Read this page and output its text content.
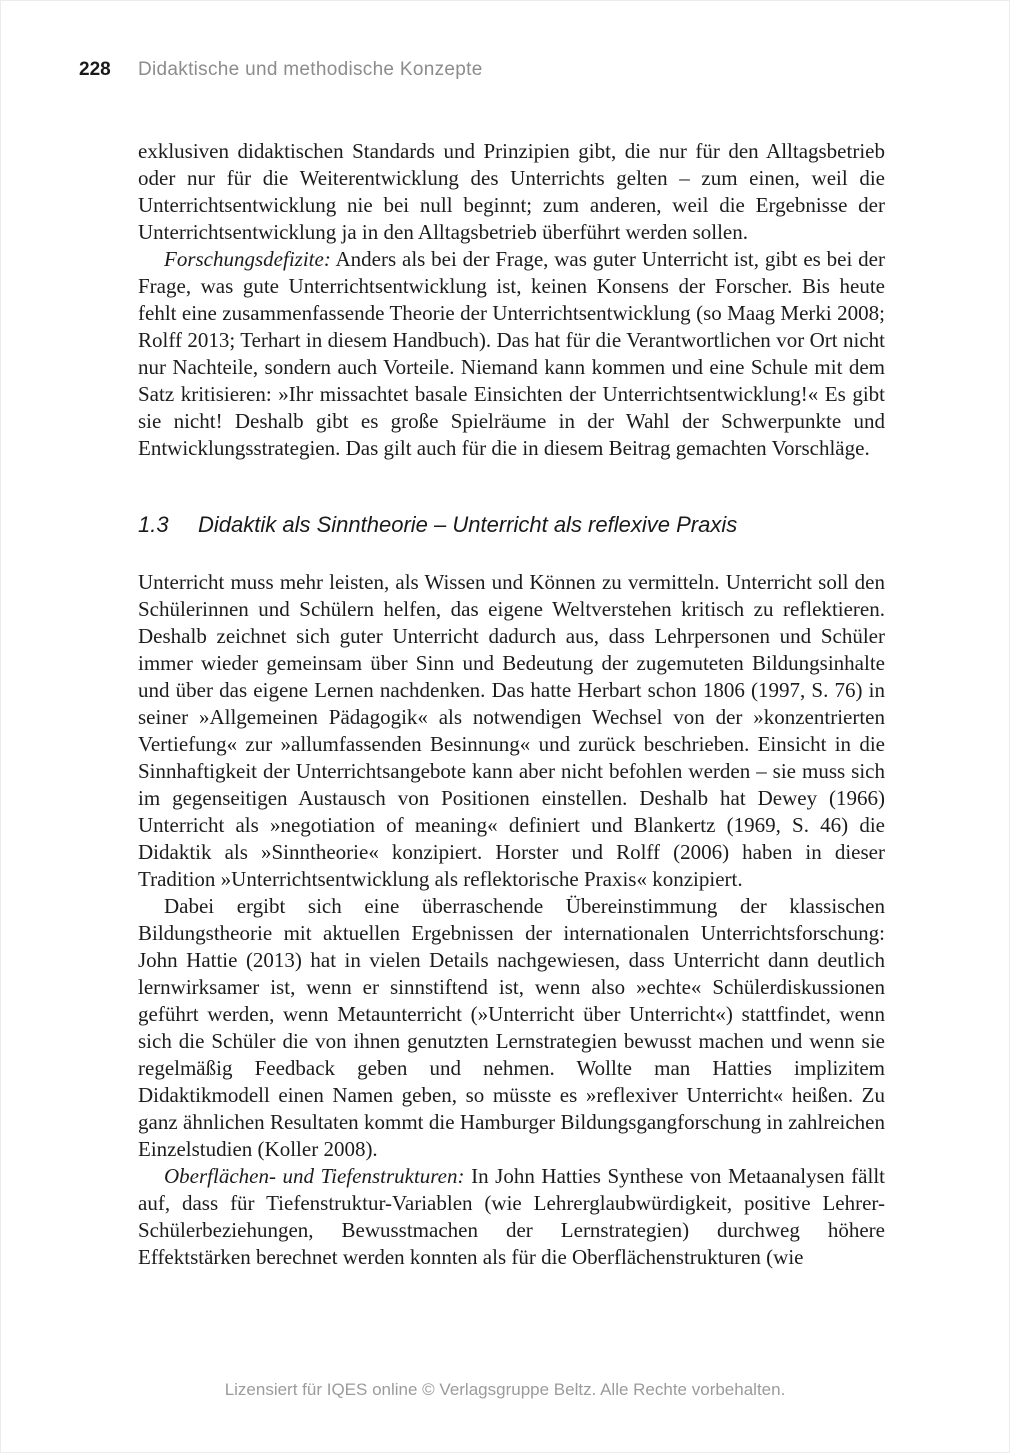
228 Didaktische und methodische Konzepte

exklusiven didaktischen Standards und Prinzipien gibt, die nur für den Alltagsbetrieb oder nur für die Weiterentwicklung des Unterrichts gelten – zum einen, weil die Unterrichtsentwicklung nie bei null beginnt; zum anderen, weil die Ergebnisse der Unterrichtsentwicklung ja in den Alltagsbetrieb überführt werden sollen.

Forschungsdefizite: Anders als bei der Frage, was guter Unterricht ist, gibt es bei der Frage, was gute Unterrichtsentwicklung ist, keinen Konsens der Forscher. Bis heute fehlt eine zusammenfassende Theorie der Unterrichtsentwicklung (so Maag Merki 2008; Rolff 2013; Terhart in diesem Handbuch). Das hat für die Verantwortlichen vor Ort nicht nur Nachteile, sondern auch Vorteile. Niemand kann kommen und eine Schule mit dem Satz kritisieren: »Ihr missachtet basale Einsichten der Unterrichtsentwicklung!« Es gibt sie nicht! Deshalb gibt es große Spielräume in der Wahl der Schwerpunkte und Entwicklungsstrategien. Das gilt auch für die in diesem Beitrag gemachten Vorschläge.

1.3	Didaktik als Sinntheorie – Unterricht als reflexive Praxis

Unterricht muss mehr leisten, als Wissen und Können zu vermitteln. Unterricht soll den Schülerinnen und Schülern helfen, das eigene Weltverstehen kritisch zu reflektieren. Deshalb zeichnet sich guter Unterricht dadurch aus, dass Lehrpersonen und Schüler immer wieder gemeinsam über Sinn und Bedeutung der zugemuteten Bildungsinhalte und über das eigene Lernen nachdenken. Das hatte Herbart schon 1806 (1997, S. 76) in seiner »Allgemeinen Pädagogik« als notwendigen Wechsel von der »konzentrierten Vertiefung« zur »allumfassenden Besinnung« und zurück beschrieben. Einsicht in die Sinnhaftigkeit der Unterrichtsangebote kann aber nicht befohlen werden – sie muss sich im gegenseitigen Austausch von Positionen einstellen. Deshalb hat Dewey (1966) Unterricht als »negotiation of meaning« definiert und Blankertz (1969, S. 46) die Didaktik als »Sinntheorie« konzipiert. Horster und Rolff (2006) haben in dieser Tradition »Unterrichtsentwicklung als reflektorische Praxis« konzipiert.

Dabei ergibt sich eine überraschende Übereinstimmung der klassischen Bildungstheorie mit aktuellen Ergebnissen der internationalen Unterrichtsforschung: John Hattie (2013) hat in vielen Details nachgewiesen, dass Unterricht dann deutlich lernwirksamer ist, wenn er sinnstiftend ist, wenn also »echte« Schülerdiskussionen geführt werden, wenn Metaunterricht (»Unterricht über Unterricht«) stattfindet, wenn sich die Schüler die von ihnen genutzten Lernstrategien bewusst machen und wenn sie regelmäßig Feedback geben und nehmen. Wollte man Hatties implizitem Didaktikmodell einen Namen geben, so müsste es »reflexiver Unterricht« heißen. Zu ganz ähnlichen Resultaten kommt die Hamburger Bildungsgangforschung in zahlreichen Einzelstudien (Koller 2008).

Oberflächen- und Tiefenstrukturen: In John Hatties Synthese von Metaanalysen fällt auf, dass für Tiefenstruktur-Variablen (wie Lehrerglaubwürdigkeit, positive Lehrer-Schülerbeziehungen, Bewusstmachen der Lernstrategien) durchweg höhere Effektstärken berechnet werden konnten als für die Oberflächenstrukturen (wie

Lizensiert für IQES online © Verlagsgruppe Beltz. Alle Rechte vorbehalten.
